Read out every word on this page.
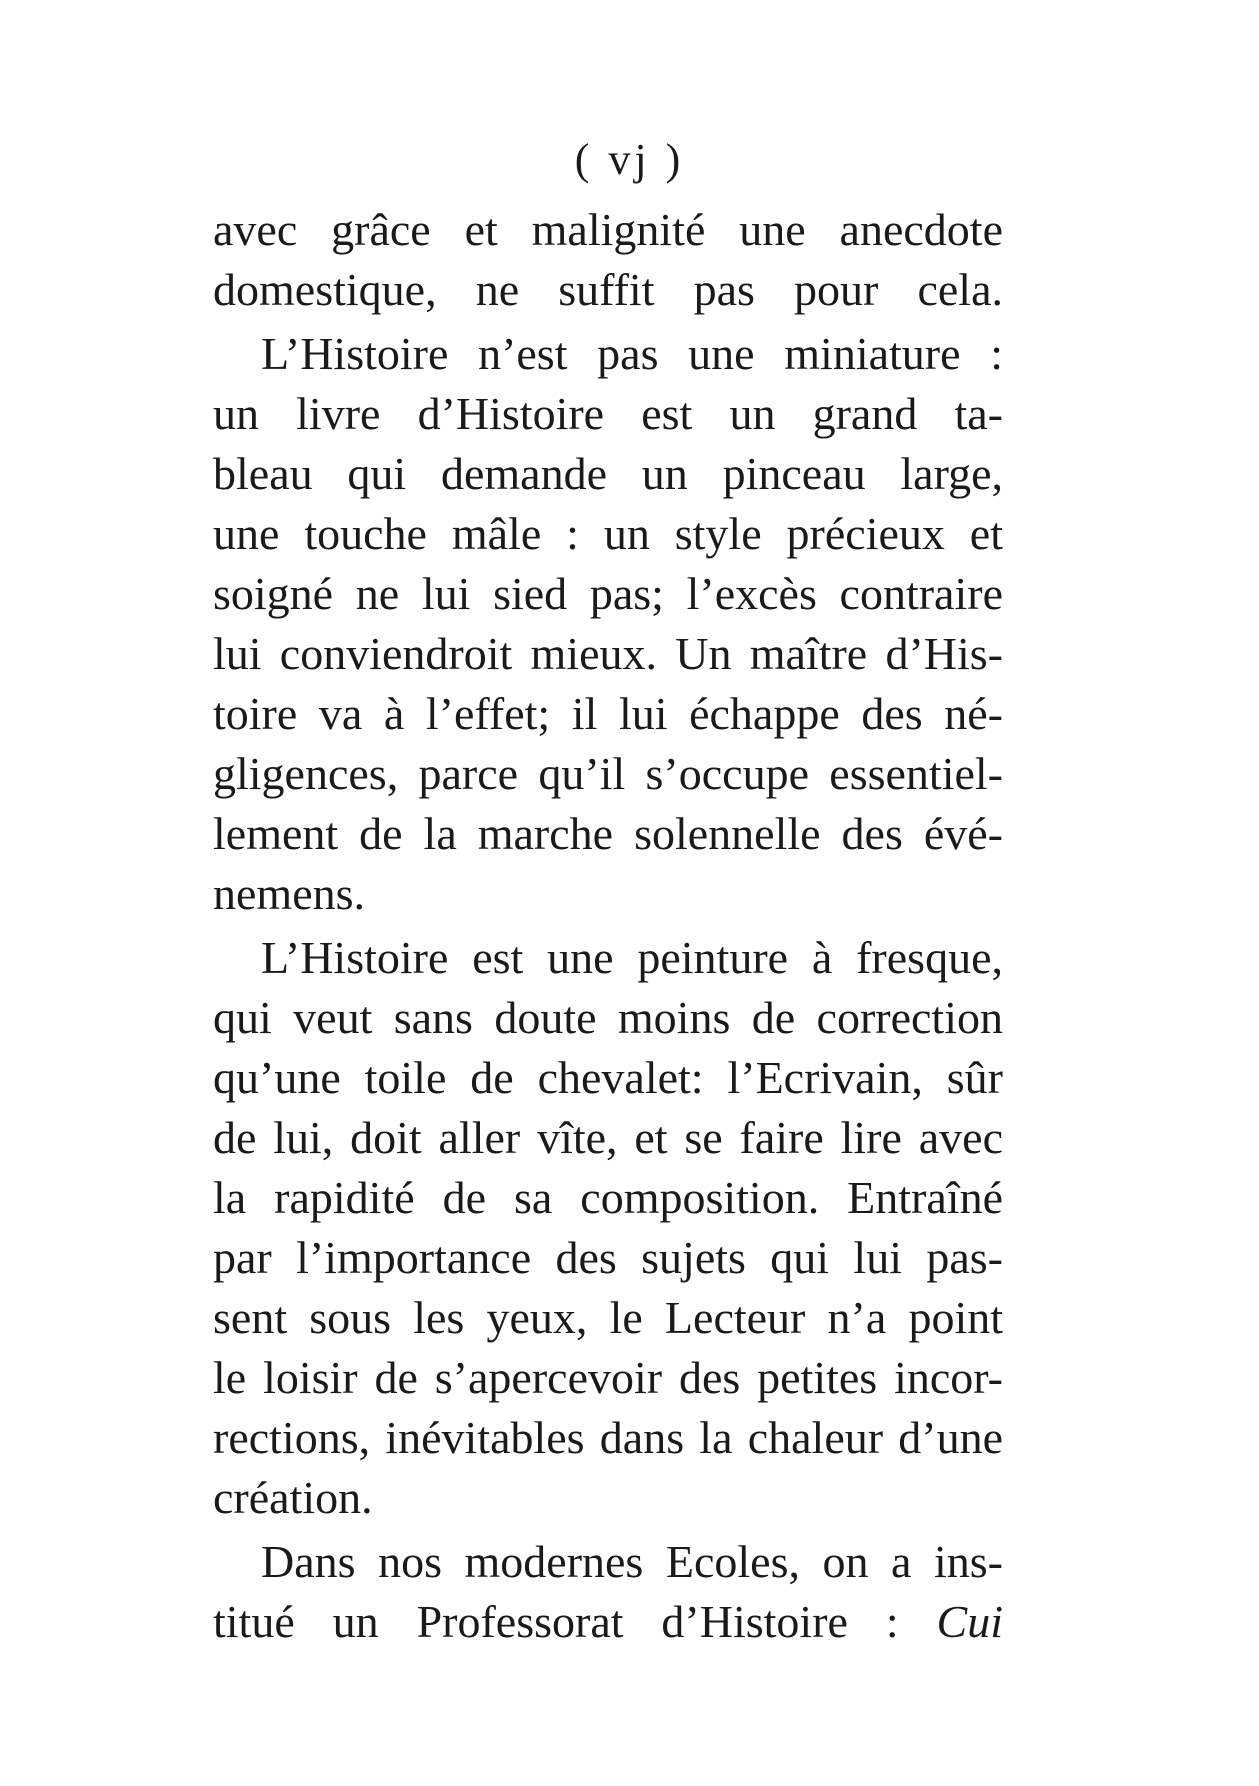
( vj )
avec grâce et malignité une anecdote
domestique, ne suffit pas pour cela.
L’Histoire n’est pas une miniature :
un livre d’Histoire est un grand ta-
bleau qui demande un pinceau large,
une touche mâle : un style précieux et
soigné ne lui sied pas; l’excès contraire
lui conviendroit mieux. Un maître d’His-
toire va à l’effet; il lui échappe des né-
gligences, parce qu’il s’occupe essentiel-
lement de la marche solennelle des évé-
nemens.
L’Histoire est une peinture à fresque,
qui veut sans doute moins de correction
qu’une toile de chevalet: l’Ecrivain, sûr
de lui, doit aller vîte, et se faire lire avec
la rapidité de sa composition. Entraîné
par l’importance des sujets qui lui pas-
sent sous les yeux, le Lecteur n’a point
le loisir de s’apercevoir des petites incor-
rections, inévitables dans la chaleur d’une
création.
Dans nos modernes Ecoles, on a ins-
titué un Professorat d’Histoire : Cui
